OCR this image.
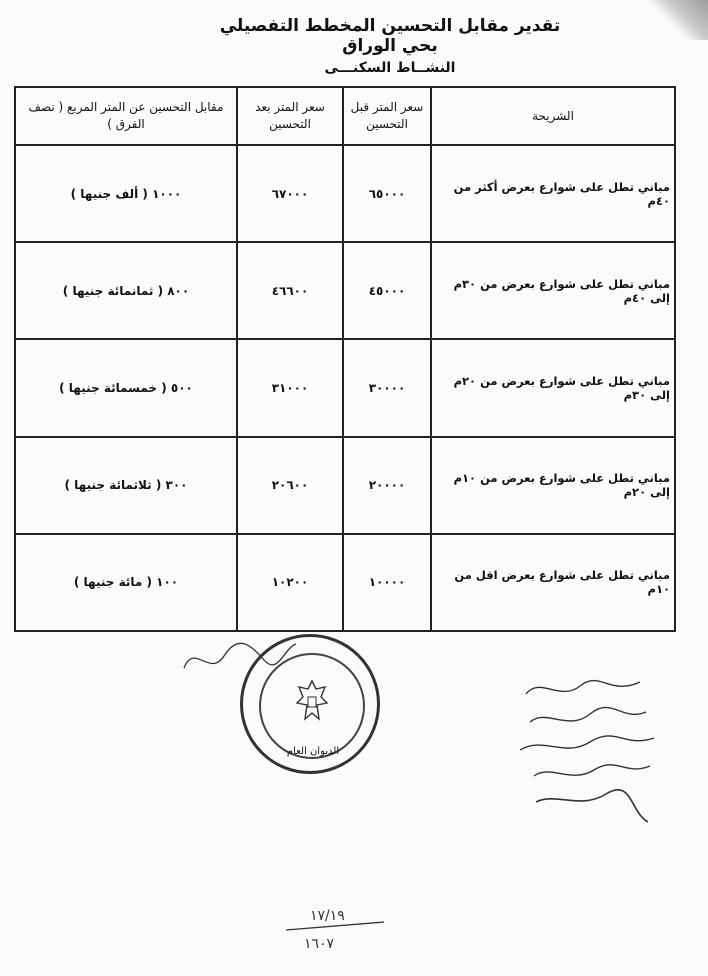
تقدير مقابل التحسين المخطط التفصيلي بحي الوراق
النشــاط السكنـــى
الشريحة	سعر المتر قبل التحسين	سعر المتر بعد التحسين	مقابل التحسين عن المتر المربع ( نصف الفرق )
مباني تطل على شوارع بعرض أكثر من ٤٠م	٦٥٠٠٠	٦٧٠٠٠	١٠٠٠ ( ألف جنيها )
مباني تطل على شوارع بعرض من ٣٠م إلى ٤٠م	٤٥٠٠٠	٤٦٦٠٠	٨٠٠ ( ثمانمائة جنيها )
مباني تطل على شوارع بعرض من ٢٠م إلى ٣٠م	٣٠٠٠٠	٣١٠٠٠	٥٠٠ ( خمسمائة جنيها )
مباني تطل على شوارع بعرض من ١٠م إلى ٢٠م	٢٠٠٠٠	٢٠٦٠٠	٣٠٠ ( ثلاثمائة جنيها )
مباني تطل على شوارع بعرض اقل من ١٠م	١٠٠٠٠	١٠٢٠٠	١٠٠ ( مائة جنيها )
الديوان العام
١٧/١٩
١٦٠٧
